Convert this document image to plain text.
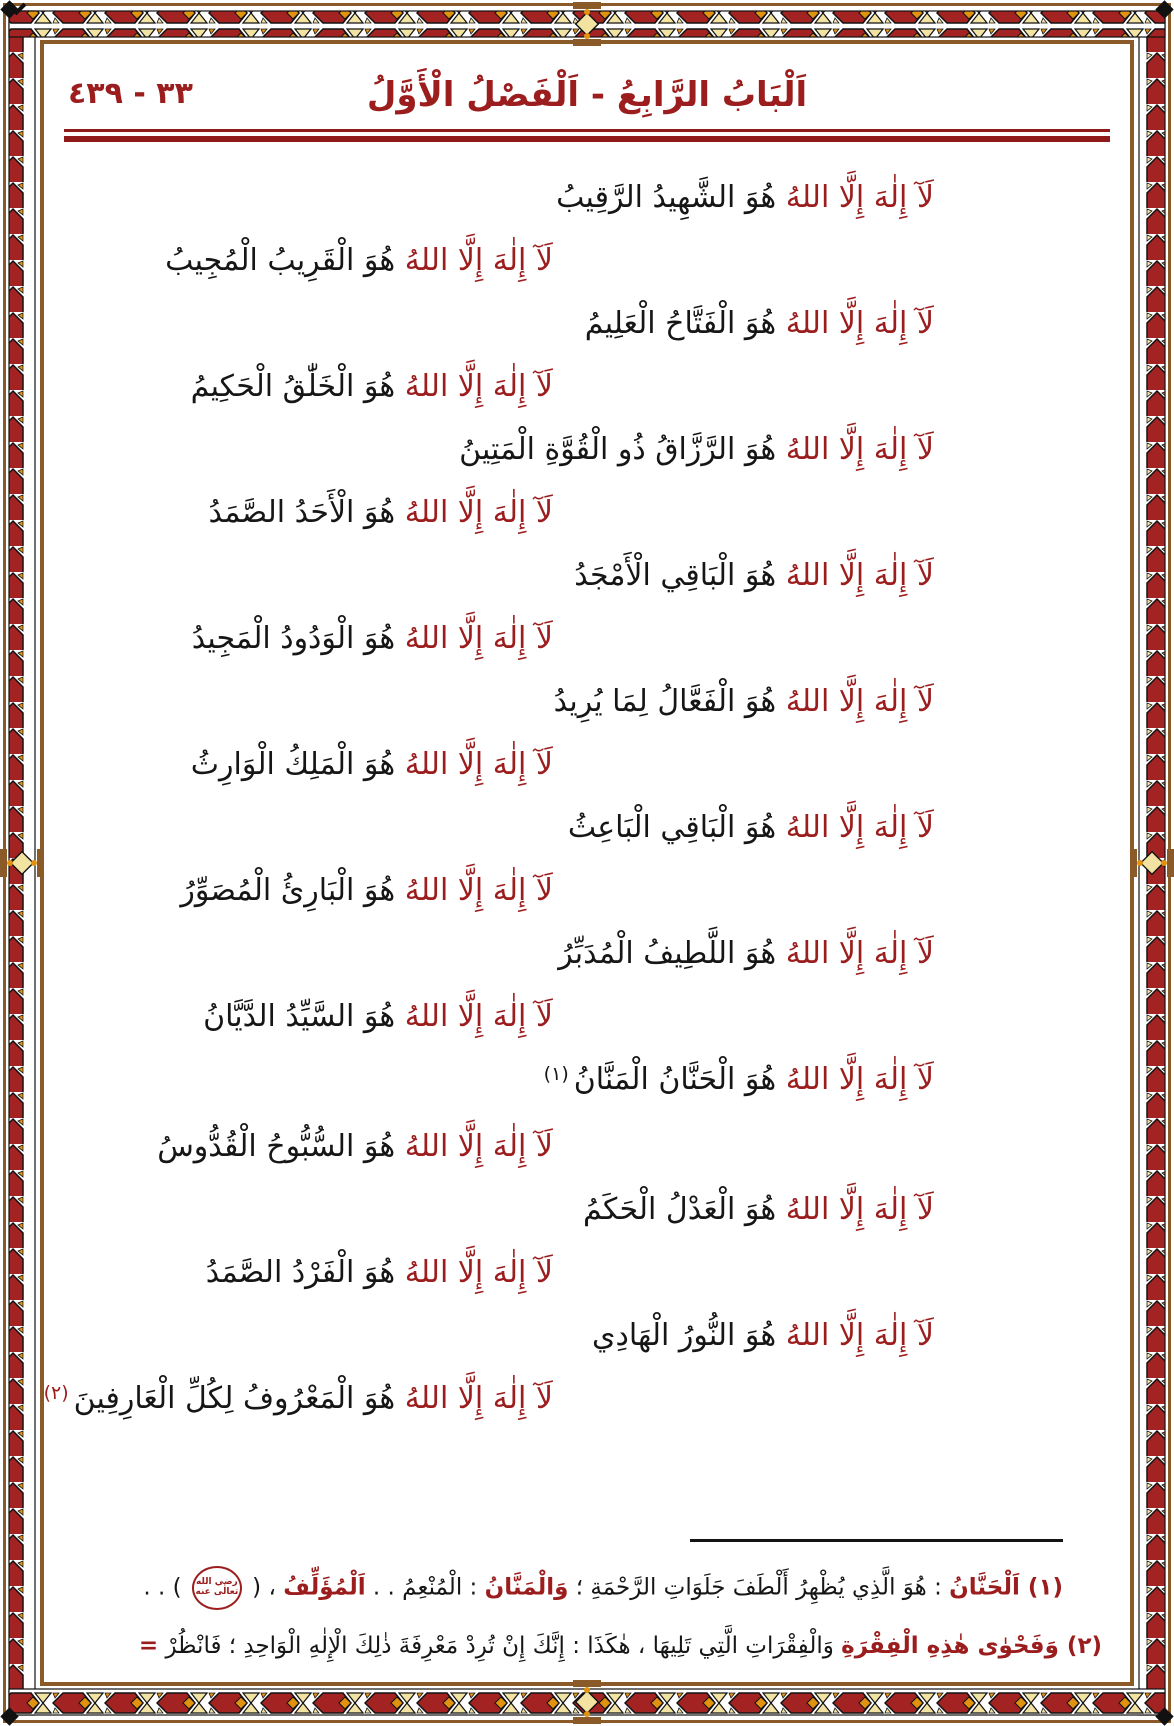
٣٣ - ٤٣٩	اَلْبَابُ الرَّابِعُ - اَلْفَصْلُ الْأَوَّلُ
لَآ إِلٰهَ إِلَّا اللهُ هُوَ الشَّهِيدُ الرَّقِيبُ
لَآ إِلٰهَ إِلَّا اللهُ هُوَ الْقَرِيبُ الْمُجِيبُ
لَآ إِلٰهَ إِلَّا اللهُ هُوَ الْفَتَّاحُ الْعَلِيمُ
لَآ إِلٰهَ إِلَّا اللهُ هُوَ الْخَلّٰقُ الْحَكِيمُ
لَآ إِلٰهَ إِلَّا اللهُ هُوَ الرَّزَّاقُ ذُو الْقُوَّةِ الْمَتِينُ
لَآ إِلٰهَ إِلَّا اللهُ هُوَ الْأَحَدُ الصَّمَدُ
لَآ إِلٰهَ إِلَّا اللهُ هُوَ الْبَاقِي الْأَمْجَدُ
لَآ إِلٰهَ إِلَّا اللهُ هُوَ الْوَدُودُ الْمَجِيدُ
لَآ إِلٰهَ إِلَّا اللهُ هُوَ الْفَعَّالُ لِمَا يُرِيدُ
لَآ إِلٰهَ إِلَّا اللهُ هُوَ الْمَلِكُ الْوَارِثُ
لَآ إِلٰهَ إِلَّا اللهُ هُوَ الْبَاقِي الْبَاعِثُ
لَآ إِلٰهَ إِلَّا اللهُ هُوَ الْبَارِئُ الْمُصَوِّرُ
لَآ إِلٰهَ إِلَّا اللهُ هُوَ اللَّطِيفُ الْمُدَبِّرُ
لَآ إِلٰهَ إِلَّا اللهُ هُوَ السَّيِّدُ الدَّيَّانُ
لَآ إِلٰهَ إِلَّا اللهُ هُوَ الْحَنَّانُ الْمَنَّانُ$^{(١)}$
لَآ إِلٰهَ إِلَّا اللهُ هُوَ السُّبُّوحُ الْقُدُّوسُ
لَآ إِلٰهَ إِلَّا اللهُ هُوَ الْعَدْلُ الْحَكَمُ
لَآ إِلٰهَ إِلَّا اللهُ هُوَ الْفَرْدُ الصَّمَدُ
لَآ إِلٰهَ إِلَّا اللهُ هُوَ النُّورُ الْهَادِي
لَآ إِلٰهَ إِلَّا اللهُ هُوَ الْمَعْرُوفُ لِكُلِّ الْعَارِفِينَ$^{(٢)}$

(١) اَلْحَنَّانُ : هُوَ الَّذِي يُظْهِرُ أَلْطَفَ جَلَوَاتِ الرَّحْمَةِ ؛ وَالْمَنَّانُ : الْمُنْعِمُ . . اَلْمُؤَلِّفُ ، (
رضي الله
تعالٰى عنه
) . .

(٢) وَفَحْوٰى هٰذِهِ الْفِقْرَةِ وَالْفِقْرَاتِ الَّتِي تَلِيهَا ، هٰكَذَا : إِنَّكَ إِنْ تُرِدْ مَعْرِفَةَ ذٰلِكَ الْإِلٰهِ الْوَاحِدِ ؛ فَانْظُرْ =
